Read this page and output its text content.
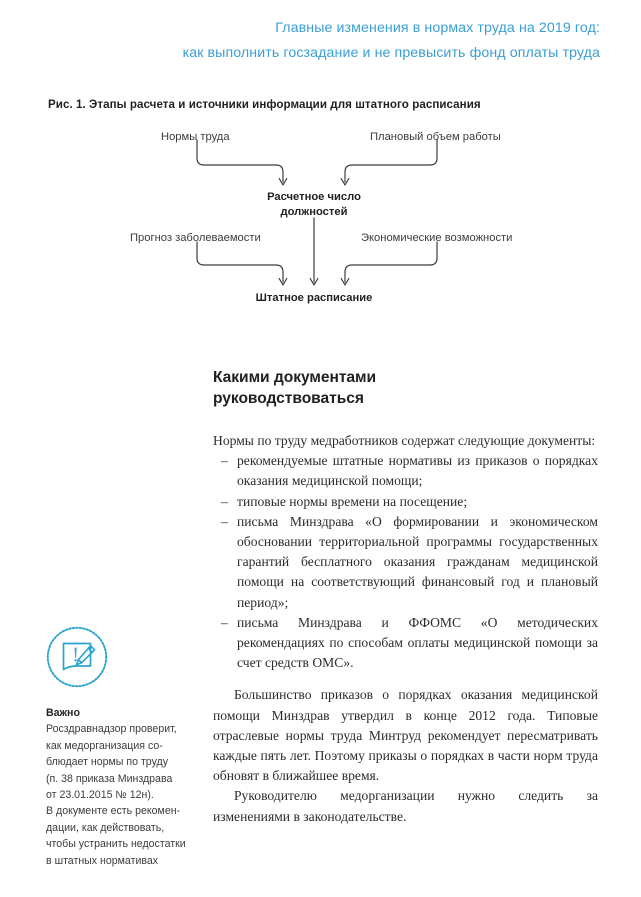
Главные изменения в нормах труда на 2019 год:
как выполнить госзадание и не превысить фонд оплаты труда
Рис. 1. Этапы расчета и источники информации для штатного расписания
Нормы труда	Плановый объем работы
Расчетное число
должностей
Прогноз заболеваемости	Экономические возможности
Штатное расписание
Какими документами
руководствоваться

Нормы по труду медработников содержат следующие документы:

– рекомендуемые штатные нормативы из приказов о порядках оказания медицинской помощи;
– типовые нормы времени на посещение;
– письма Минздрава «О формировании и экономическом обосновании территориальной программы государственных гарантий бесплатного оказания гражданам медицинской помощи на соответствующий финансовый год и плановый период»;
– письма Минздрава и ФФОМС «О методических рекомендациях по способам оплаты медицинской помощи за счет средств ОМС».

Большинство приказов о порядках оказания медицинской помощи Минздрав утвердил в конце 2012 года. Типовые отраслевые нормы труда Минтруд рекомендует пересматривать каждые пять лет. Поэтому приказы о порядках в части норм труда обновят в ближайшее время.

Руководителю медорганизации нужно следить за изменениями в законодательстве.

Важно
Росздравнадзор проверит,
как медорганизация со-
блюдает нормы по труду
(п. 38 приказа Минздрава
от 23.01.2015 № 12н).
В документе есть рекомен-
дации, как действовать,
чтобы устранить недостатки
в штатных нормативах
